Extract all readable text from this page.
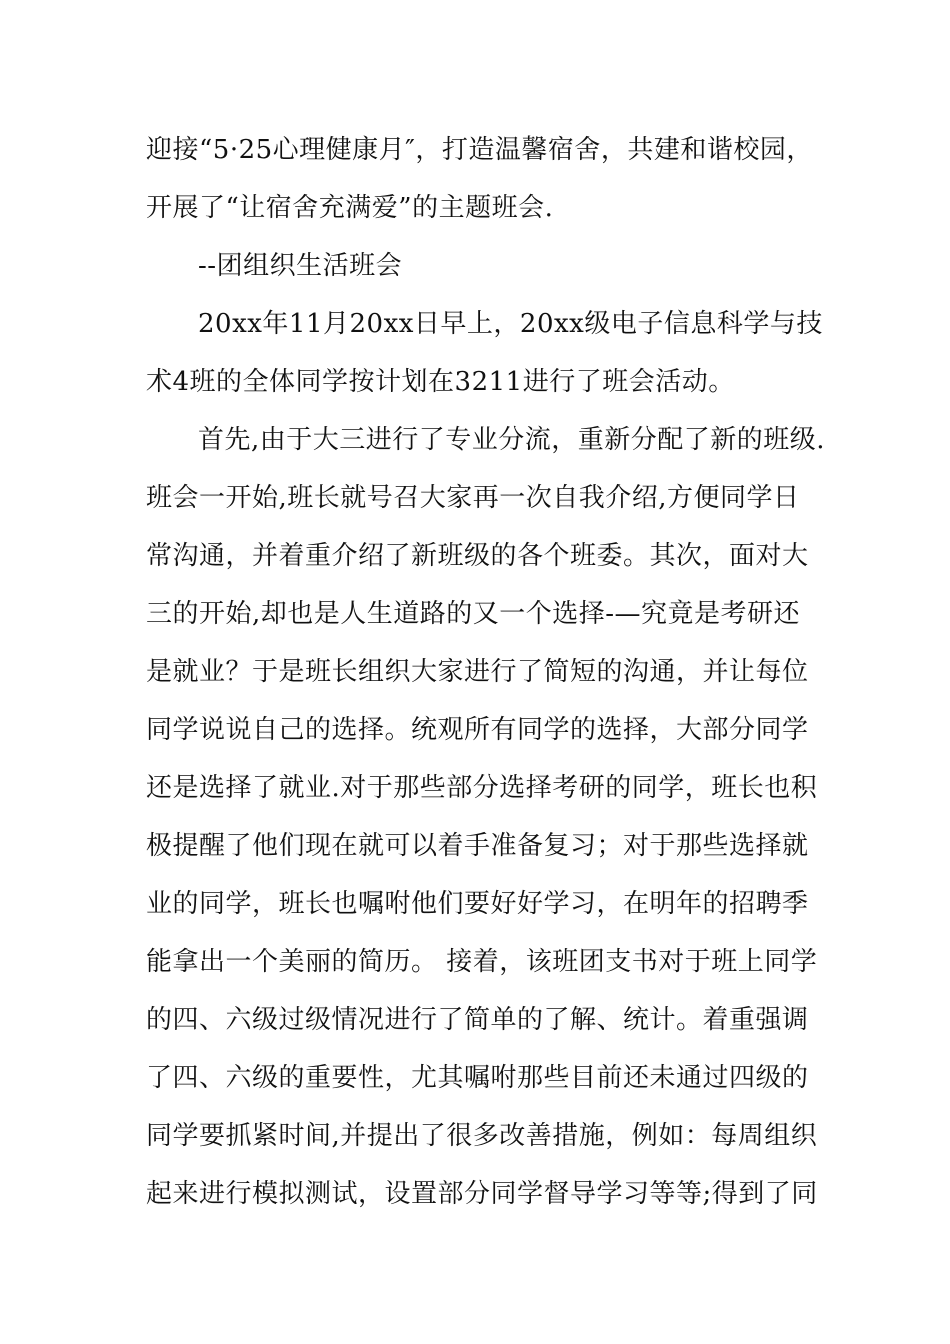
迎接“5·25心理健康月″，打造温馨宿舍，共建和谐校园，
开展了“让宿舍充满爱”的主题班会.
--团组织生活班会
20xx年11月20xx日早上，20xx级电子信息科学与技
术4班的全体同学按计划在3211进行了班会活动。
首先,由于大三进行了专业分流，重新分配了新的班级.
班会一开始,班长就号召大家再一次自我介绍,方便同学日
常沟通，并着重介绍了新班级的各个班委。其次，面对大
三的开始,却也是人生道路的又一个选择-—究竟是考研还
是就业？于是班长组织大家进行了简短的沟通，并让每位
同学说说自己的选择。统观所有同学的选择，大部分同学
还是选择了就业.对于那些部分选择考研的同学，班长也积
极提醒了他们现在就可以着手准备复习；对于那些选择就
业的同学，班长也嘱咐他们要好好学习，在明年的招聘季
能拿出一个美丽的简历。 接着，该班团支书对于班上同学
的四、六级过级情况进行了简单的了解、统计。着重强调
了四、六级的重要性，尤其嘱咐那些目前还未通过四级的
同学要抓紧时间,并提出了很多改善措施，例如：每周组织
起来进行模拟测试，设置部分同学督导学习等等;得到了同
